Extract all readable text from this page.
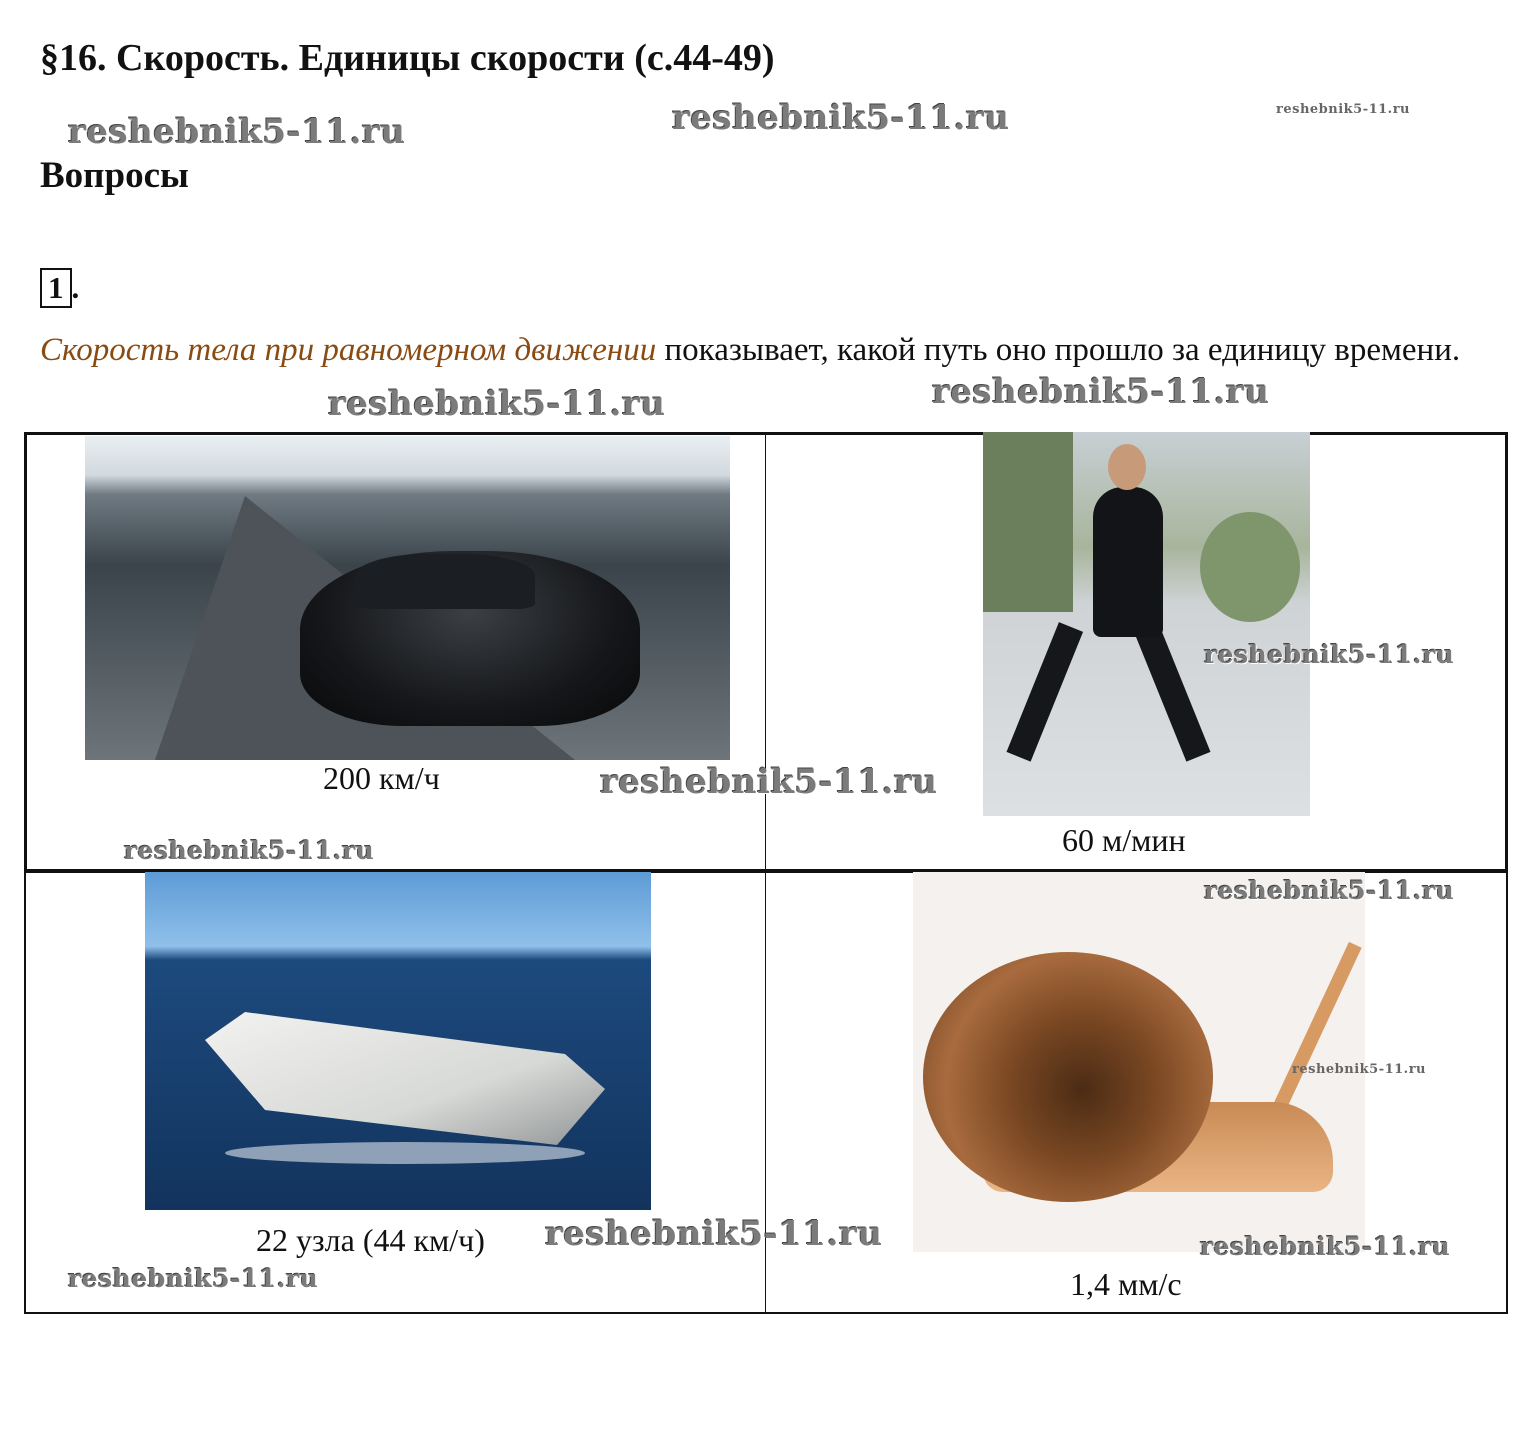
§16. Скорость. Единицы скорости (с.44-49)
reshebnik5-11.ru	reshebnik5-11.ru	reshebnik5-11.ru
Вопросы
1 .
Скорость тела при равномерном движении показывает, какой путь оно прошло за единицу времени.
reshebnik5-11.ru	reshebnik5-11.ru
200 км/ч
reshebnik5-11.ru
reshebnik5-11.ru
reshebnik5-11.ru
60 м/мин
22 узла (44 км/ч) reshebnik5-11.ru
reshebnik5-11.ru
reshebnik5-11.ru
reshebnik5-11.ru
reshebnik5-11.ru
1,4 мм/с
